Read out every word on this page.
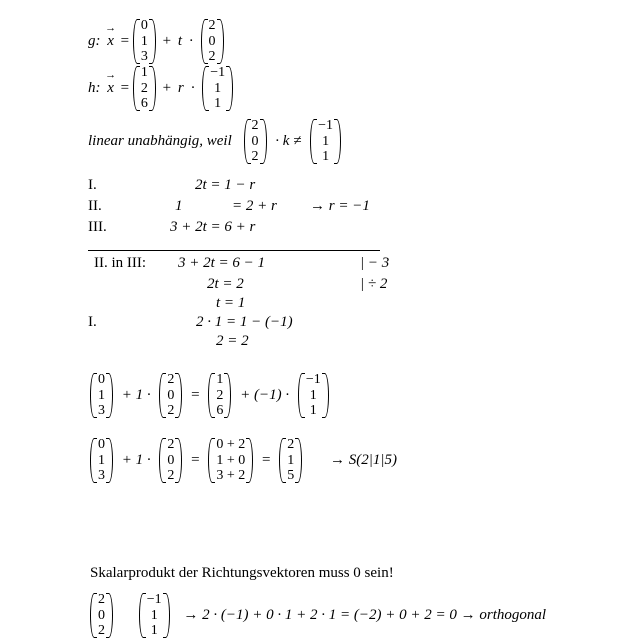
g: x → =
0
1
3
+ t ·
2
0
2
h: x → =
1
2
6
+ r ·
−1
1
1
linear unabhängig, weil
2
0
2
· k ≠
−1
1
1
I.	2t = 1 − r
II.	1	= 2 + r → r = −1
III.	3 + 2t = 6 + r
II. in III: 3 + 2t = 6 − 1	| − 3
2t = 2	| ÷ 2
t = 1
I.	2 · 1 = 1 − (−1)
2 = 2
0
1
3
+ 1 ·
2
0
2
=
1
2
6
+ (−1) ·
−1
1
1
0
1
3
+ 1 ·
2
0
2
=
0 + 2
1 + 0
3 + 2
=
2
1
5
→ S(2|1|5)
Skalarprodukt der Richtungsvektoren muss 0 sein!
2
0
2

−1
1
1
→ 2 · (−1) + 0 · 1 + 2 · 1 = (−2) + 0 + 2 = 0 → orthogonal
